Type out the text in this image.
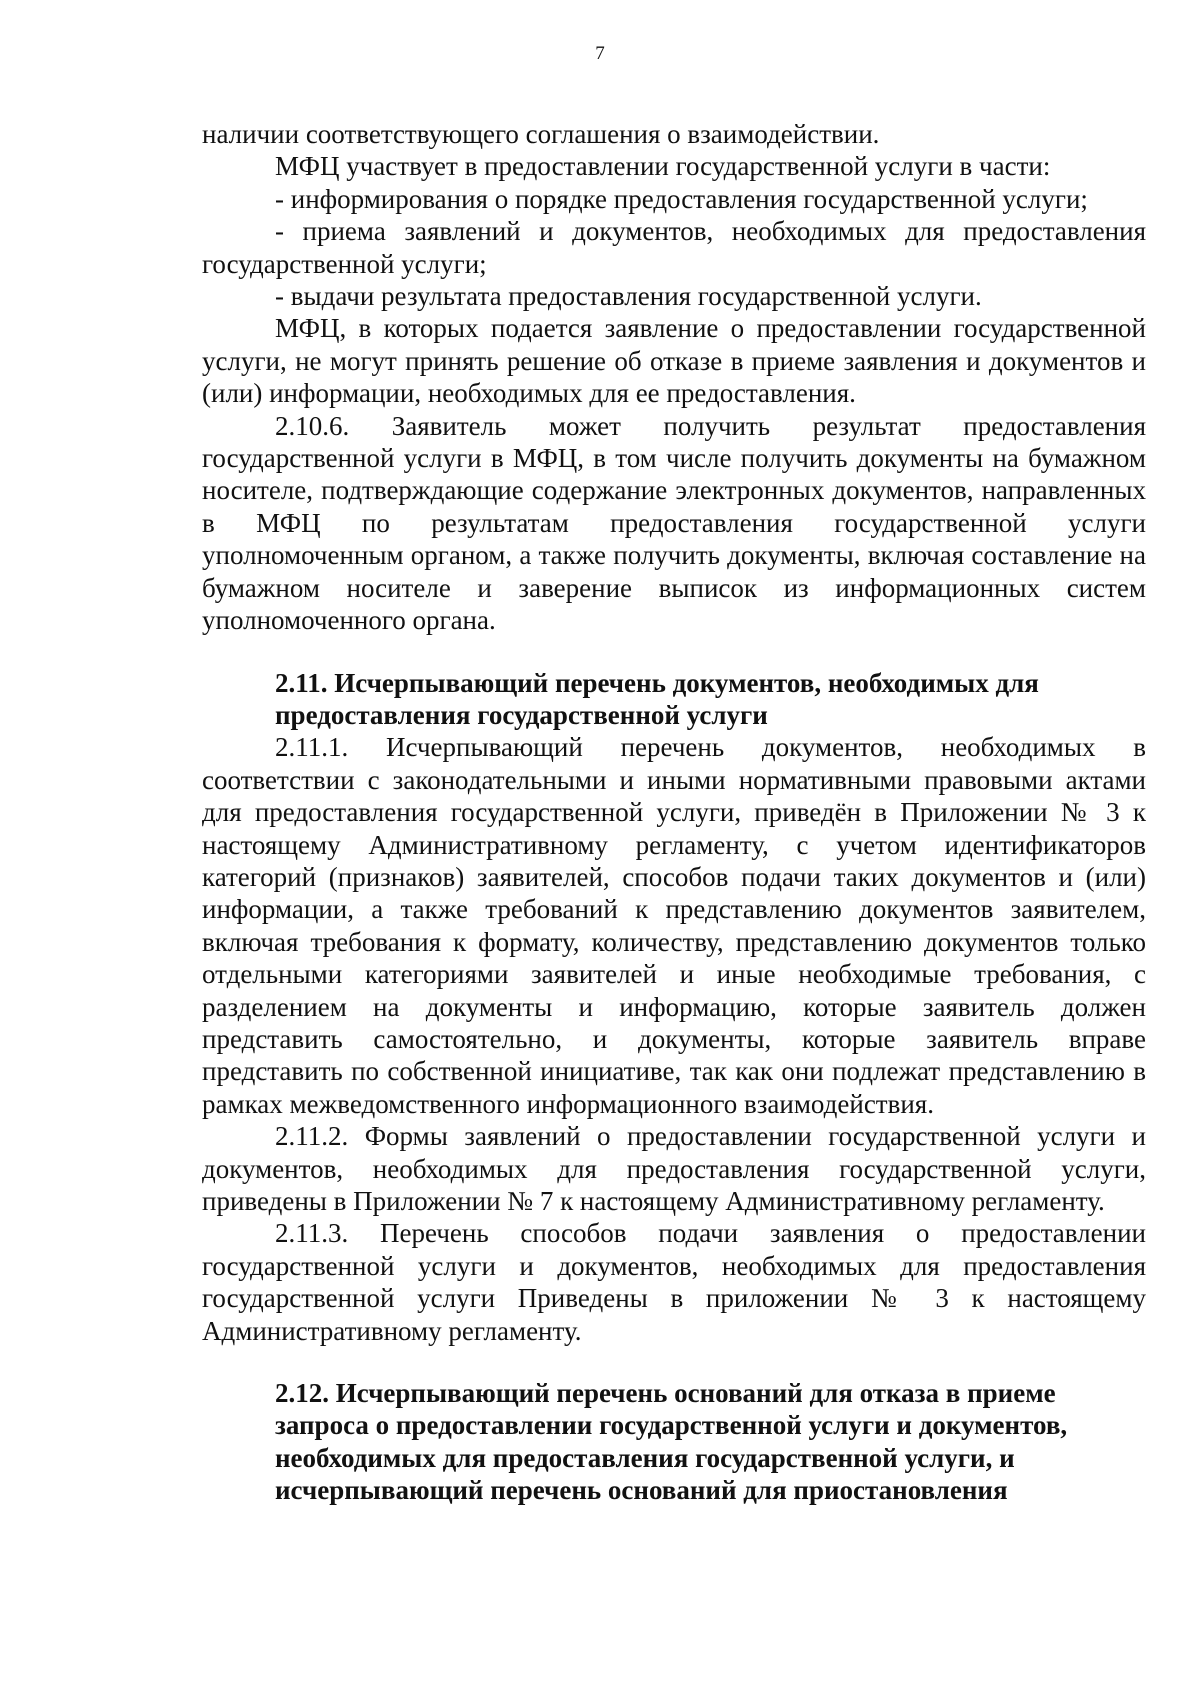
7

наличии соответствующего соглашения о взаимодействии.

МФЦ участвует в предоставлении государственной услуги в части:

- информирования о порядке предоставления государственной услуги;

- приема заявлений и документов, необходимых для предоставления государственной услуги;

- выдачи результата предоставления государственной услуги.

МФЦ, в которых подается заявление о предоставлении государственной услуги, не могут принять решение об отказе в приеме заявления и документов и (или) информации, необходимых для ее предоставления.

2.10.6. Заявитель может получить результат предоставления государственной услуги в МФЦ, в том числе получить документы на бумажном носителе, подтверждающие содержание электронных документов, направленных в МФЦ по результатам предоставления государственной услуги уполномоченным органом, а также получить документы, включая составление на бумажном носителе и заверение выписок из информационных систем уполномоченного органа.

2.11. Исчерпывающий перечень документов, необходимых для

предоставления государственной услуги

2.11.1. Исчерпывающий перечень документов, необходимых в соответствии с законодательными и иными нормативными правовыми актами для предоставления государственной услуги, приведён в Приложении № 3 к настоящему Административному регламенту, с учетом идентификаторов категорий (признаков) заявителей, способов подачи таких документов и (или) информации, а также требований к представлению документов заявителем, включая требования к формату, количеству, представлению документов только отдельными категориями заявителей и иные необходимые требования, с разделением на документы и информацию, которые заявитель должен представить самостоятельно, и документы, которые заявитель вправе представить по собственной инициативе, так как они подлежат представлению в рамках межведомственного информационного взаимодействия.

2.11.2. Формы заявлений о предоставлении государственной услуги и документов, необходимых для предоставления государственной услуги, приведены в Приложении № 7 к настоящему Административному регламенту.

2.11.3. Перечень способов подачи заявления о предоставлении государственной услуги и документов, необходимых для предоставления государственной услуги Приведены в приложении № 3 к настоящему Административному регламенту.

2.12. Исчерпывающий перечень оснований для отказа в приеме

запроса о предоставлении государственной услуги и документов,

необходимых для предоставления государственной услуги, и

исчерпывающий перечень оснований для приостановления
